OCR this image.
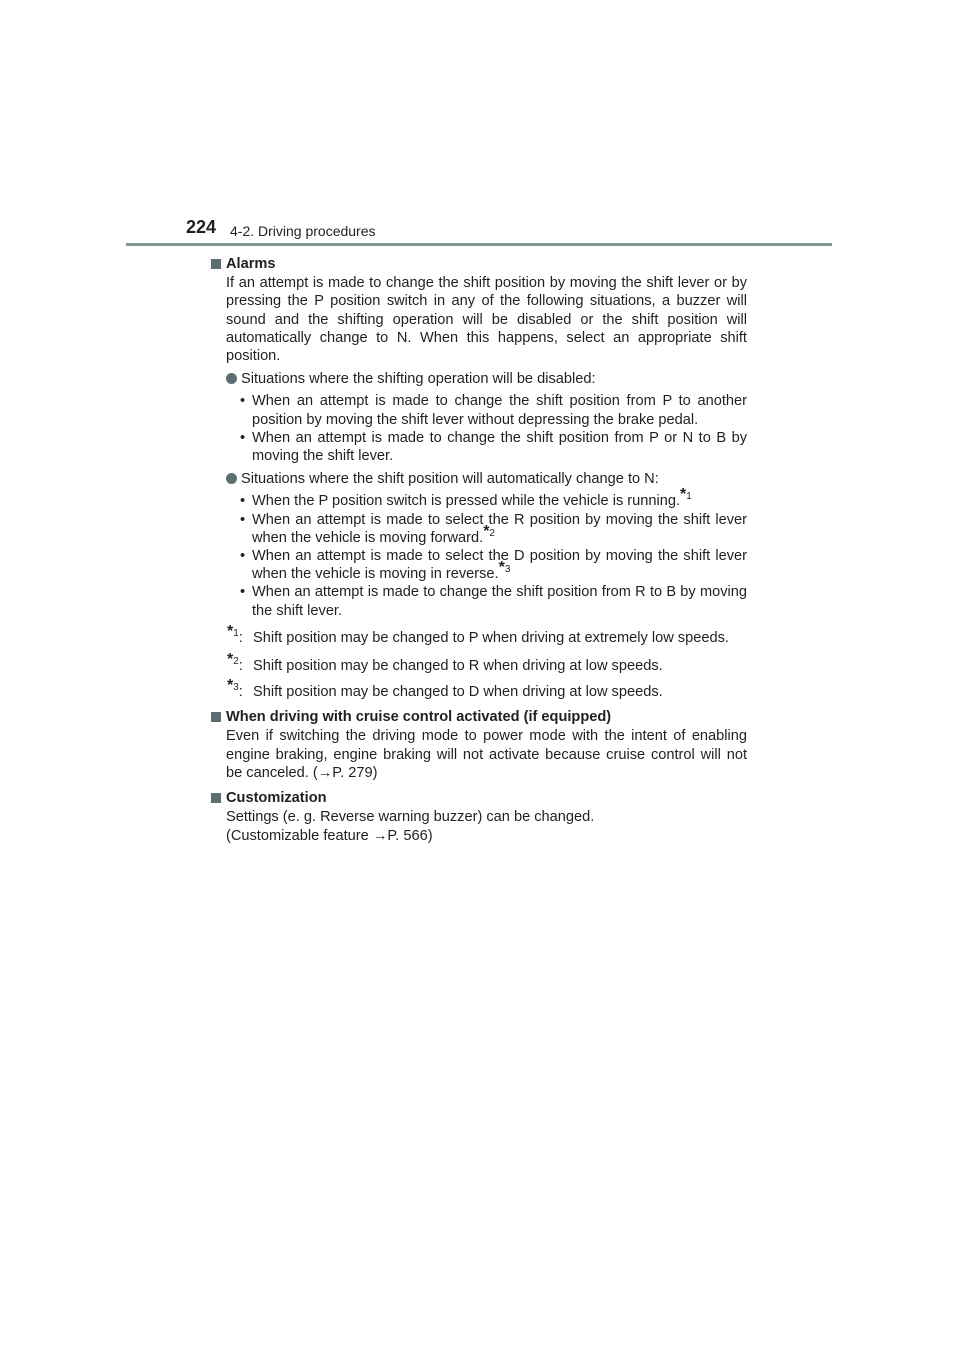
224 4-2. Driving procedures
Alarms
If an attempt is made to change the shift position by moving the shift lever or by pressing the P position switch in any of the following situations, a buzzer will sound and the shifting operation will be disabled or the shift position will automatically change to N. When this happens, select an appropriate shift position.
Situations where the shifting operation will be disabled:
• When an attempt is made to change the shift position from P to another position by moving the shift lever without depressing the brake pedal.
• When an attempt is made to change the shift position from P or N to B by moving the shift lever.
Situations where the shift position will automatically change to N:
• When the P position switch is pressed while the vehicle is running.*$^1$
• When an attempt is made to select the R position by moving the shift lever when the vehicle is moving forward.*$^2$
• When an attempt is made to select the D position by moving the shift lever when the vehicle is moving in reverse.*$^3$
• When an attempt is made to change the shift position from R to B by moving the shift lever.
*$^1$: Shift position may be changed to P when driving at extremely low speeds.
*$^2$: Shift position may be changed to R when driving at low speeds.
*$^3$: Shift position may be changed to D when driving at low speeds.
When driving with cruise control activated (if equipped)
Even if switching the driving mode to power mode with the intent of enabling engine braking, engine braking will not activate because cruise control will not be canceled. (→P. 279)
Customization
Settings (e. g. Reverse warning buzzer) can be changed.
(Customizable feature →P. 566)
